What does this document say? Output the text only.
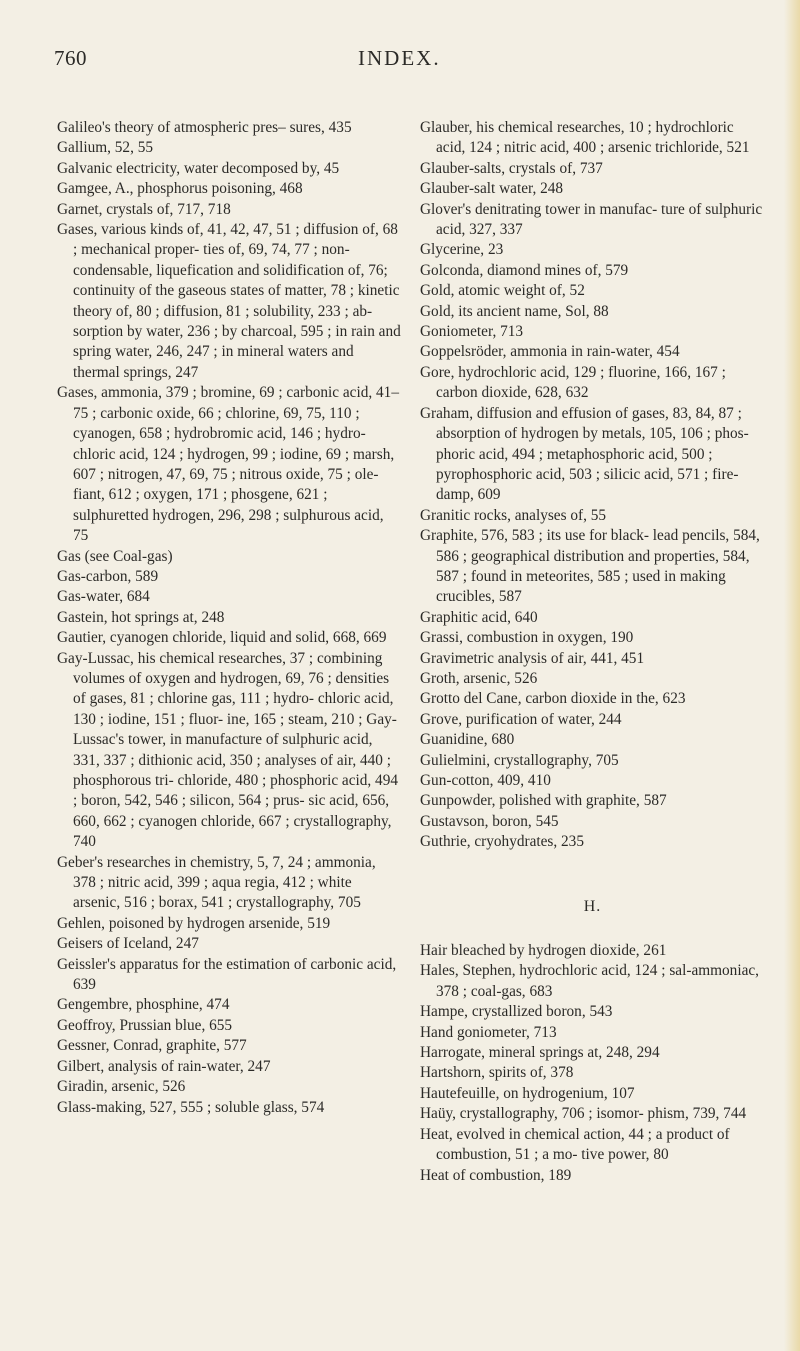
760	INDEX.

Galileo's theory of atmospheric pres– sures, 435

Gallium, 52, 55

Galvanic electricity, water decomposed by, 45

Gamgee, A., phosphorus poisoning, 468

Garnet, crystals of, 717, 718

Gases, various kinds of, 41, 42, 47, 51 ; diffusion of, 68 ; mechanical proper- ties of, 69, 74, 77 ; non-condensable, liquefication and solidification of, 76; continuity of the gaseous states of matter, 78 ; kinetic theory of, 80 ; diffusion, 81 ; solubility, 233 ; ab- sorption by water, 236 ; by charcoal, 595 ; in rain and spring water, 246, 247 ; in mineral waters and thermal springs, 247

Gases, ammonia, 379 ; bromine, 69 ; carbonic acid, 41–75 ; carbonic oxide, 66 ; chlorine, 69, 75, 110 ; cyanogen, 658 ; hydrobromic acid, 146 ; hydro- chloric acid, 124 ; hydrogen, 99 ; iodine, 69 ; marsh, 607 ; nitrogen, 47, 69, 75 ; nitrous oxide, 75 ; ole- fiant, 612 ; oxygen, 171 ; phosgene, 621 ; sulphuretted hydrogen, 296, 298 ; sulphurous acid, 75

Gas (see Coal-gas)

Gas-carbon, 589

Gas-water, 684

Gastein, hot springs at, 248

Gautier, cyanogen chloride, liquid and solid, 668, 669

Gay-Lussac, his chemical researches, 37 ; combining volumes of oxygen and hydrogen, 69, 76 ; densities of gases, 81 ; chlorine gas, 111 ; hydro- chloric acid, 130 ; iodine, 151 ; fluor- ine, 165 ; steam, 210 ; Gay-Lussac's tower, in manufacture of sulphuric acid, 331, 337 ; dithionic acid, 350 ; analyses of air, 440 ; phosphorous tri- chloride, 480 ; phosphoric acid, 494 ; boron, 542, 546 ; silicon, 564 ; prus- sic acid, 656, 660, 662 ; cyanogen chloride, 667 ; crystallography, 740

Geber's researches in chemistry, 5, 7, 24 ; ammonia, 378 ; nitric acid, 399 ; aqua regia, 412 ; white arsenic, 516 ; borax, 541 ; crystallography, 705

Gehlen, poisoned by hydrogen arsenide, 519

Geisers of Iceland, 247

Geissler's apparatus for the estimation of carbonic acid, 639

Gengembre, phosphine, 474

Geoffroy, Prussian blue, 655

Gessner, Conrad, graphite, 577

Gilbert, analysis of rain-water, 247

Giradin, arsenic, 526

Glass-making, 527, 555 ; soluble glass, 574

Glauber, his chemical researches, 10 ; hydrochloric acid, 124 ; nitric acid, 400 ; arsenic trichloride, 521

Glauber-salts, crystals of, 737

Glauber-salt water, 248

Glover's denitrating tower in manufac- ture of sulphuric acid, 327, 337

Glycerine, 23

Golconda, diamond mines of, 579

Gold, atomic weight of, 52

Gold, its ancient name, Sol, 88

Goniometer, 713

Goppelsröder, ammonia in rain-water, 454

Gore, hydrochloric acid, 129 ; fluorine, 166, 167 ; carbon dioxide, 628, 632

Graham, diffusion and effusion of gases, 83, 84, 87 ; absorption of hydrogen by metals, 105, 106 ; phos- phoric acid, 494 ; metaphosphoric acid, 500 ; pyrophosphoric acid, 503 ; silicic acid, 571 ; fire-damp, 609

Granitic rocks, analyses of, 55

Graphite, 576, 583 ; its use for black- lead pencils, 584, 586 ; geographical distribution and properties, 584, 587 ; found in meteorites, 585 ; used in making crucibles, 587

Graphitic acid, 640

Grassi, combustion in oxygen, 190

Gravimetric analysis of air, 441, 451

Groth, arsenic, 526

Grotto del Cane, carbon dioxide in the, 623

Grove, purification of water, 244

Guanidine, 680

Gulielmini, crystallography, 705

Gun-cotton, 409, 410

Gunpowder, polished with graphite, 587

Gustavson, boron, 545

Guthrie, cryohydrates, 235

H.

Hair bleached by hydrogen dioxide, 261

Hales, Stephen, hydrochloric acid, 124 ; sal-ammoniac, 378 ; coal-gas, 683

Hampe, crystallized boron, 543

Hand goniometer, 713

Harrogate, mineral springs at, 248, 294

Hartshorn, spirits of, 378

Hautefeuille, on hydrogenium, 107

Haüy, crystallography, 706 ; isomor- phism, 739, 744

Heat, evolved in chemical action, 44 ; a product of combustion, 51 ; a mo- tive power, 80

Heat of combustion, 189
